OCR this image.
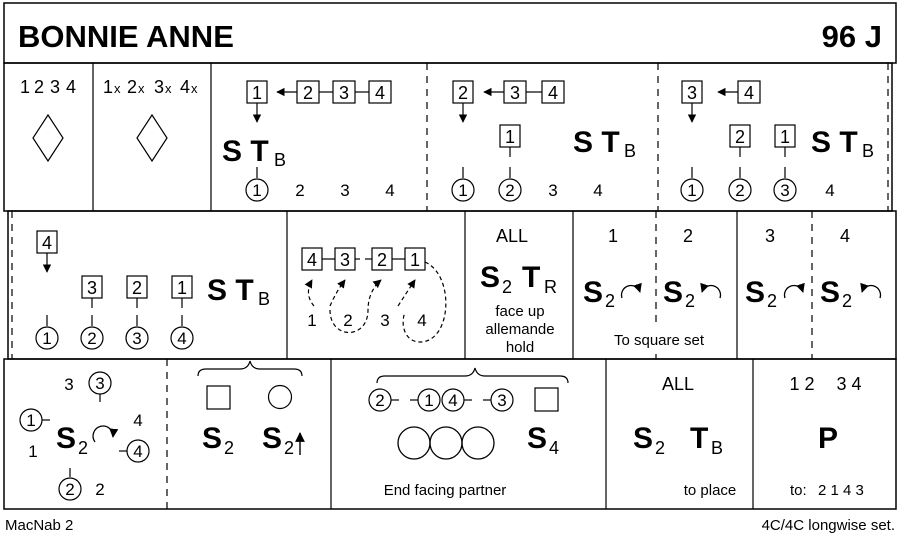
BONNIE ANNE	96 J
1 2 3 4 1 x 2 x 3 x 4 x	1 2 3 4
S T B
1 2 3 4
2 3 4
1 S T B
1 2 3 4
3	4
2 1 S T B
1 2 3 4
4
3 2 1 S T B
1 2 3 4
4 3 2 1
1 2 3 4
ALL
S 2 T R
face up
allemande
hold
1	2	3	4
S 2 S 2 S 2 S 2
To square set
3 3
1
1 S 2
4
4
2 2
S 2 S 2
2 1 4 3
S 4
End facing partner
ALL
S 2 T B
to place
1 2 3 4
P
to: 2 1 4 3
MacNab 2	4C/4C longwise set.
